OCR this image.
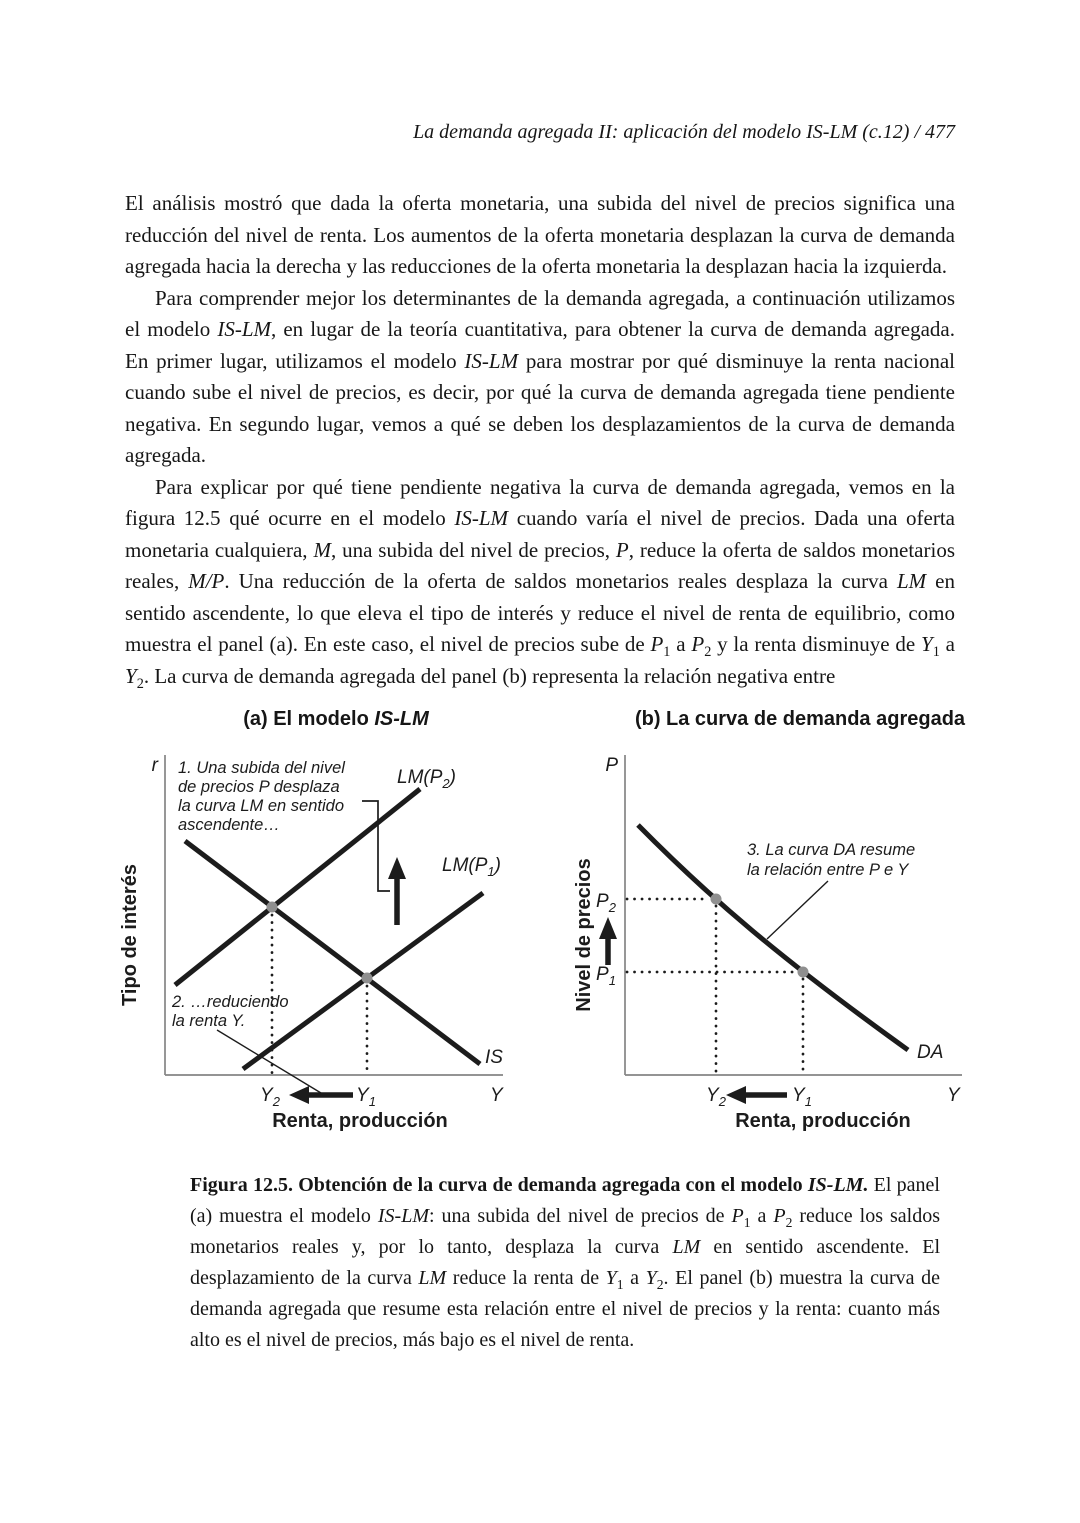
La demanda agregada II: aplicación del modelo IS-LM (c.12) / 477

El análisis mostró que dada la oferta monetaria, una subida del nivel de precios significa una reducción del nivel de renta. Los aumentos de la oferta monetaria desplazan la curva de demanda agregada hacia la derecha y las reducciones de la oferta monetaria la desplazan hacia la izquierda.

Para comprender mejor los determinantes de la demanda agregada, a continuación utilizamos el modelo IS-LM, en lugar de la teoría cuantitativa, para obtener la curva de demanda agregada. En primer lugar, utilizamos el modelo IS-LM para mostrar por qué disminuye la renta nacional cuando sube el nivel de precios, es decir, por qué la curva de demanda agregada tiene pendiente negativa. En segundo lugar, vemos a qué se deben los desplazamientos de la curva de demanda agregada.

Para explicar por qué tiene pendiente negativa la curva de demanda agregada, vemos en la figura 12.5 qué ocurre en el modelo IS-LM cuando varía el nivel de precios. Dada una oferta monetaria cualquiera, M, una subida del nivel de precios, P, reduce la oferta de saldos monetarios reales, M/P. Una reducción de la oferta de saldos monetarios reales desplaza la curva LM en sentido ascendente, lo que eleva el tipo de interés y reduce el nivel de renta de equilibrio, como muestra el panel (a). En este caso, el nivel de precios sube de $P_1$ a $P_2$ y la renta disminuye de $Y_1$ a $Y_2$. La curva de demanda agregada del panel (b) representa la relación negativa entre

(a) El modelo IS-LM
r 1. Una subida del nivel
de precios P desplaza
la curva LM en sentido
ascendente…
$LM(P_2)$
$LM(P_1)$
IS
2. …reduciendo
la renta Y.
$Y_2$	$Y_1$	Y
Renta, producción
Tipo de interés
(b) La curva de demanda agregada
P
3. La curva DA resume
la relación entre P e Y
DA
$P_2$
$P_1$
$Y_2$	$Y_1$	Y
Renta, producción
Nivel de precios
Figura 12.5. Obtención de la curva de demanda agregada con el modelo IS-LM. El panel (a) muestra el modelo IS-LM: una subida del nivel de precios de $P_1$ a $P_2$ reduce los saldos monetarios reales y, por lo tanto, desplaza la curva LM en sentido ascendente. El desplazamiento de la curva LM reduce la renta de $Y_1$ a $Y_2$. El panel (b) muestra la curva de demanda agregada que resume esta relación entre el nivel de precios y la renta: cuanto más alto es el nivel de precios, más bajo es el nivel de renta.
